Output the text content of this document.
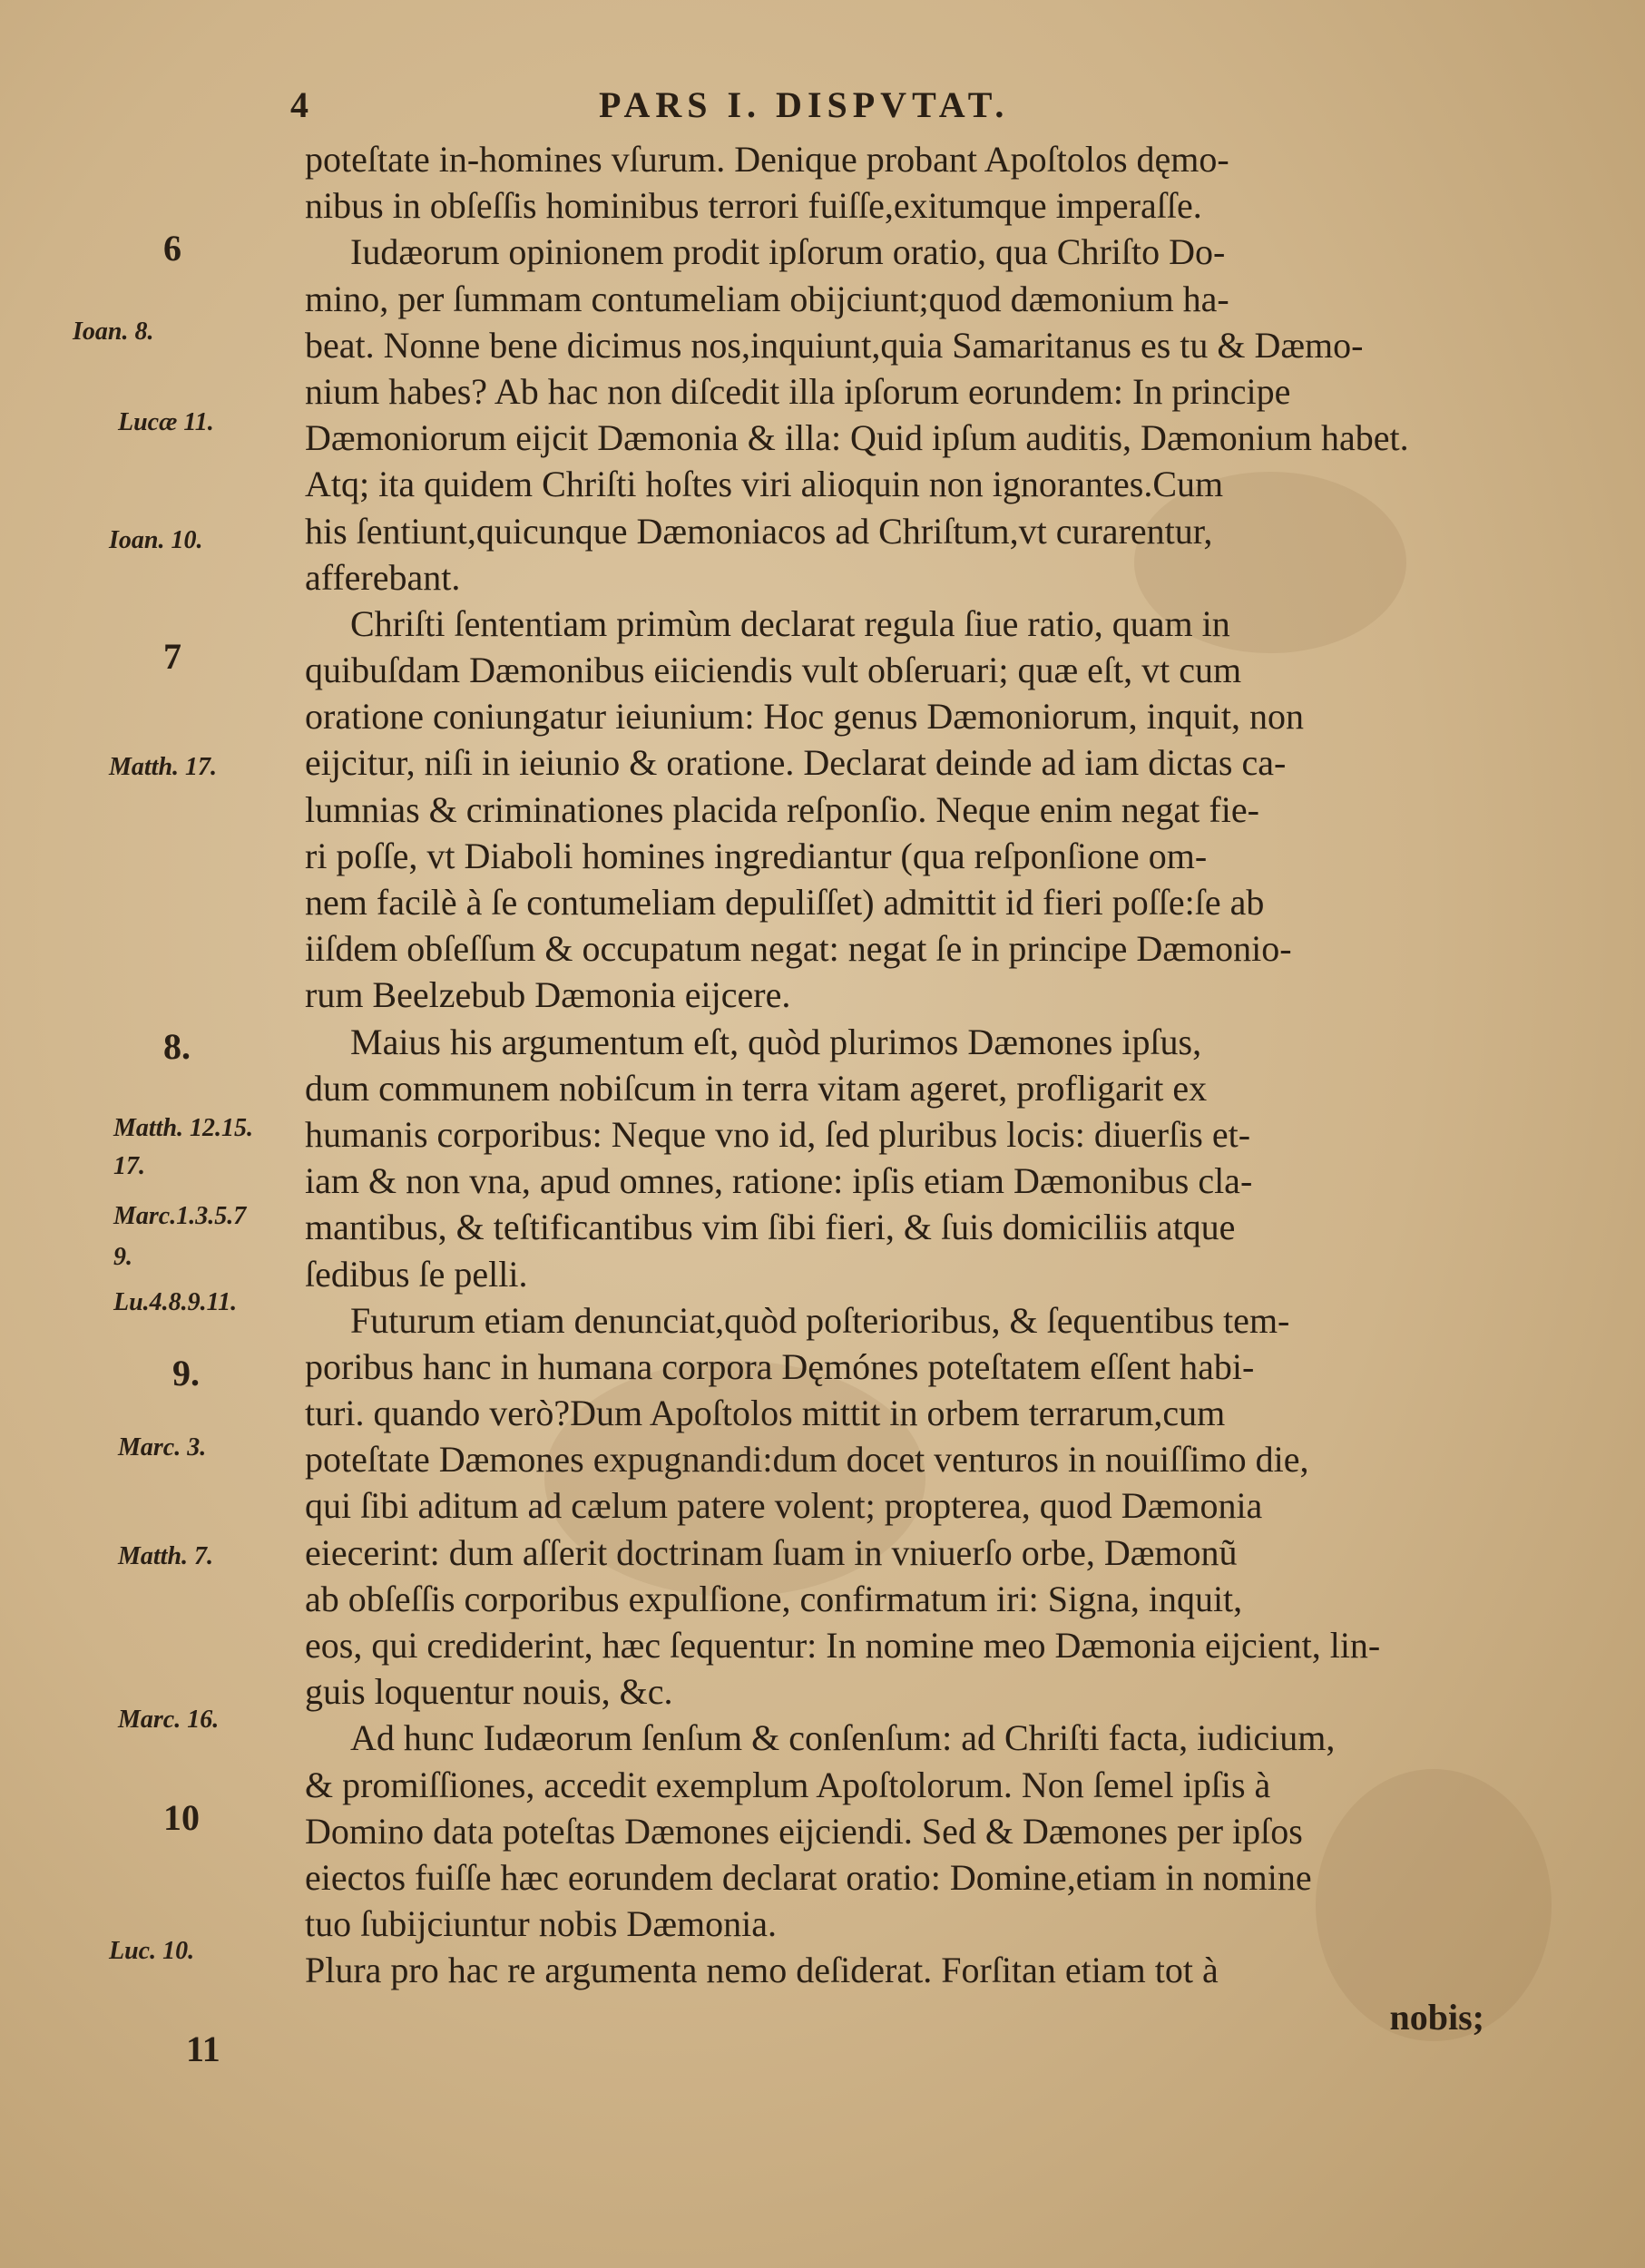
4	PARS I. DISPVTAT.
6
Ioan. 8.
Lucæ 11.
Ioan. 10.
7
Matth. 17.
8.
Matth. 12.15.
17.
Marc.1.3.5.7
9.
Lu.4.8.9.11.
9.
Marc. 3.
Matth. 7.
Marc. 16.
10
Luc. 10.
11
poteſtate in-homines vſurum. Denique probant Apoſtolos dęmo-
nibus in obſeſſis hominibus terrori fuiſſe,exitumque imperaſſe.
Iudæorum opinionem prodit ipſorum oratio, qua Chriſto Do-
mino, per ſummam contumeliam obijciunt;quod dæmonium ha-
beat. Nonne bene dicimus nos,inquiunt,quia Samaritanus es tu & Dæmo-
nium habes? Ab hac non diſcedit illa ipſorum eorundem: In principe
Dæmoniorum eijcit Dæmonia & illa: Quid ipſum auditis, Dæmonium habet.
Atq; ita quidem Chriſti hoſtes viri alioquin non ignorantes.Cum
his ſentiunt,quicunque Dæmoniacos ad Chriſtum,vt curarentur,
afferebant.
Chriſti ſententiam primùm declarat regula ſiue ratio, quam in
quibuſdam Dæmonibus eiiciendis vult obſeruari; quæ eſt, vt cum
oratione coniungatur ieiunium: Hoc genus Dæmoniorum, inquit, non
eijcitur, niſi in ieiunio & oratione. Declarat deinde ad iam dictas ca-
lumnias & criminationes placida reſponſio. Neque enim negat fie-
ri poſſe, vt Diaboli homines ingrediantur (qua reſponſione om-
nem facilè à ſe contumeliam depuliſſet) admittit id fieri poſſe:ſe ab
iiſdem obſeſſum & occupatum negat: negat ſe in principe Dæmonio-
rum Beelzebub Dæmonia eijcere.
Maius his argumentum eſt, quòd plurimos Dæmones ipſus,
dum communem nobiſcum in terra vitam ageret, profligarit ex
humanis corporibus: Neque vno id, ſed pluribus locis: diuerſis et-
iam & non vna, apud omnes, ratione: ipſis etiam Dæmonibus cla-
mantibus, & teſtificantibus vim ſibi fieri, & ſuis domiciliis atque
ſedibus ſe pelli.
Futurum etiam denunciat,quòd poſterioribus, & ſequentibus tem-
poribus hanc in humana corpora Dęmónes poteſtatem eſſent habi-
turi. quando verò?Dum Apoſtolos mittit in orbem terrarum,cum
poteſtate Dæmones expugnandi:dum docet venturos in nouiſſimo die,
qui ſibi aditum ad cælum patere volent; propterea, quod Dæmonia
eiecerint: dum aſſerit doctrinam ſuam in vniuerſo orbe, Dæmonũ
ab obſeſſis corporibus expulſione, confirmatum iri: Signa, inquit,
eos, qui crediderint, hæc ſequentur: In nomine meo Dæmonia eijcient, lin-
guis loquentur nouis, &c.
Ad hunc Iudæorum ſenſum & conſenſum: ad Chriſti facta, iudicium,
& promiſſiones, accedit exemplum Apoſtolorum. Non ſemel ipſis à
Domino data poteſtas Dæmones eijciendi. Sed & Dæmones per ipſos
eiectos fuiſſe hæc eorundem declarat oratio: Domine,etiam in nomine
tuo ſubijciuntur nobis Dæmonia.
Plura pro hac re argumenta nemo deſiderat. Forſitan etiam tot à
nobis;
